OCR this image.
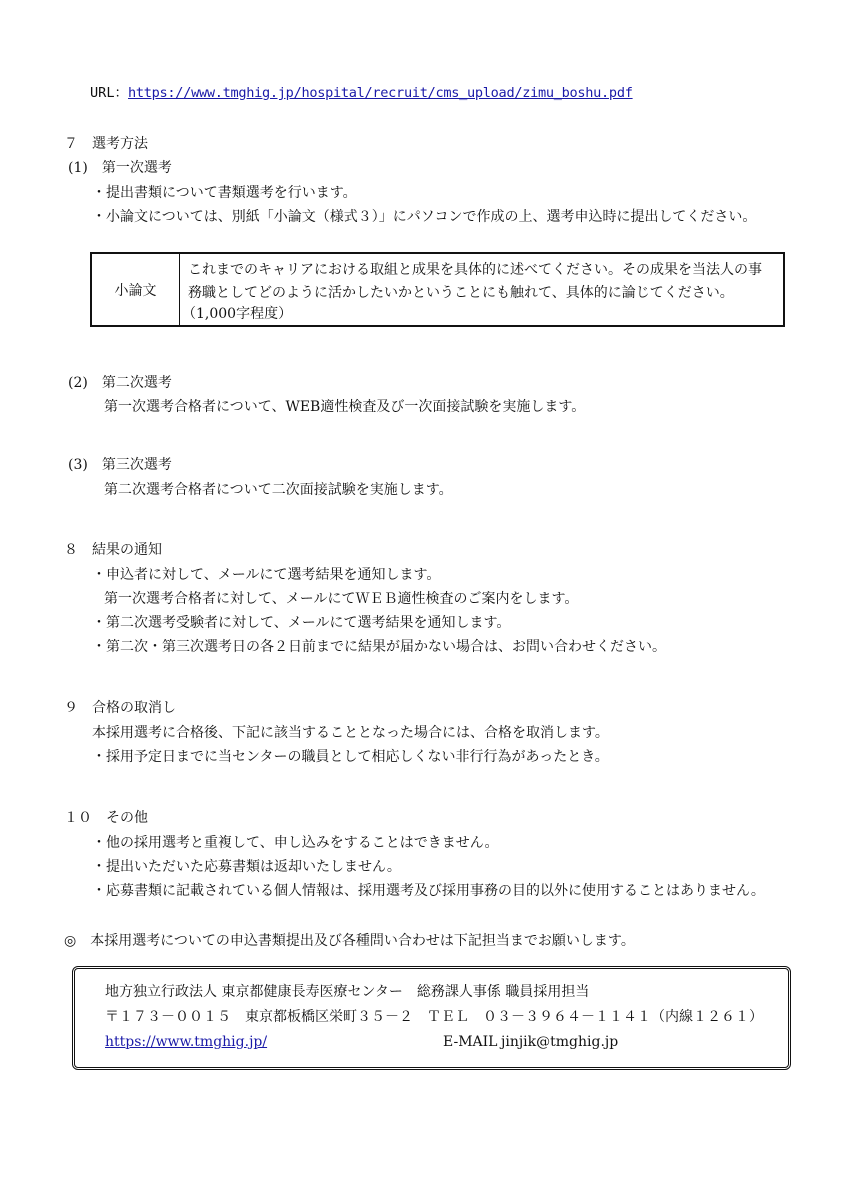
URL： https://www.tmghig.jp/hospital/recruit/cms_upload/zimu_boshu.pdf
７　選考方法
(1)　第一次選考
・提出書類について書類選考を行います。
・小論文については、別紙「小論文（様式３）」にパソコンで作成の上、選考申込時に提出してください。
小論文
これまでのキャリアにおける取組と成果を具体的に述べてください。その成果を当法人の事
務職としてどのように活かしたいかということにも触れて、具体的に論じてください。
（1,000字程度）
(2)　第二次選考
第一次選考合格者について、WEB適性検査及び一次面接試験を実施します。
(3)　第三次選考
第二次選考合格者について二次面接試験を実施します。
８　結果の通知
・申込者に対して、メールにて選考結果を通知します。
第一次選考合格者に対して、メールにてＷＥＢ適性検査のご案内をします。
・第二次選考受験者に対して、メールにて選考結果を通知します。
・第二次・第三次選考日の各２日前までに結果が届かない場合は、お問い合わせください。
９　合格の取消し
本採用選考に合格後、下記に該当することとなった場合には、合格を取消します。
・採用予定日までに当センターの職員として相応しくない非行行為があったとき。
１０　その他
・他の採用選考と重複して、申し込みをすることはできません。
・提出いただいた応募書類は返却いたしません。
・応募書類に記載されている個人情報は、採用選考及び採用事務の目的以外に使用することはありません。
◎　本採用選考についての申込書類提出及び各種問い合わせは下記担当までお願いします。
地方独立行政法人 東京都健康長寿医療センター　総務課人事係 職員採用担当
〒１７３－００１５　東京都板橋区栄町３５－２　ＴＥＬ　０３－３９６４－１１４１（内線１２６１）
https://www.tmghig.jp/	E-MAIL jinjik@tmghig.jp
